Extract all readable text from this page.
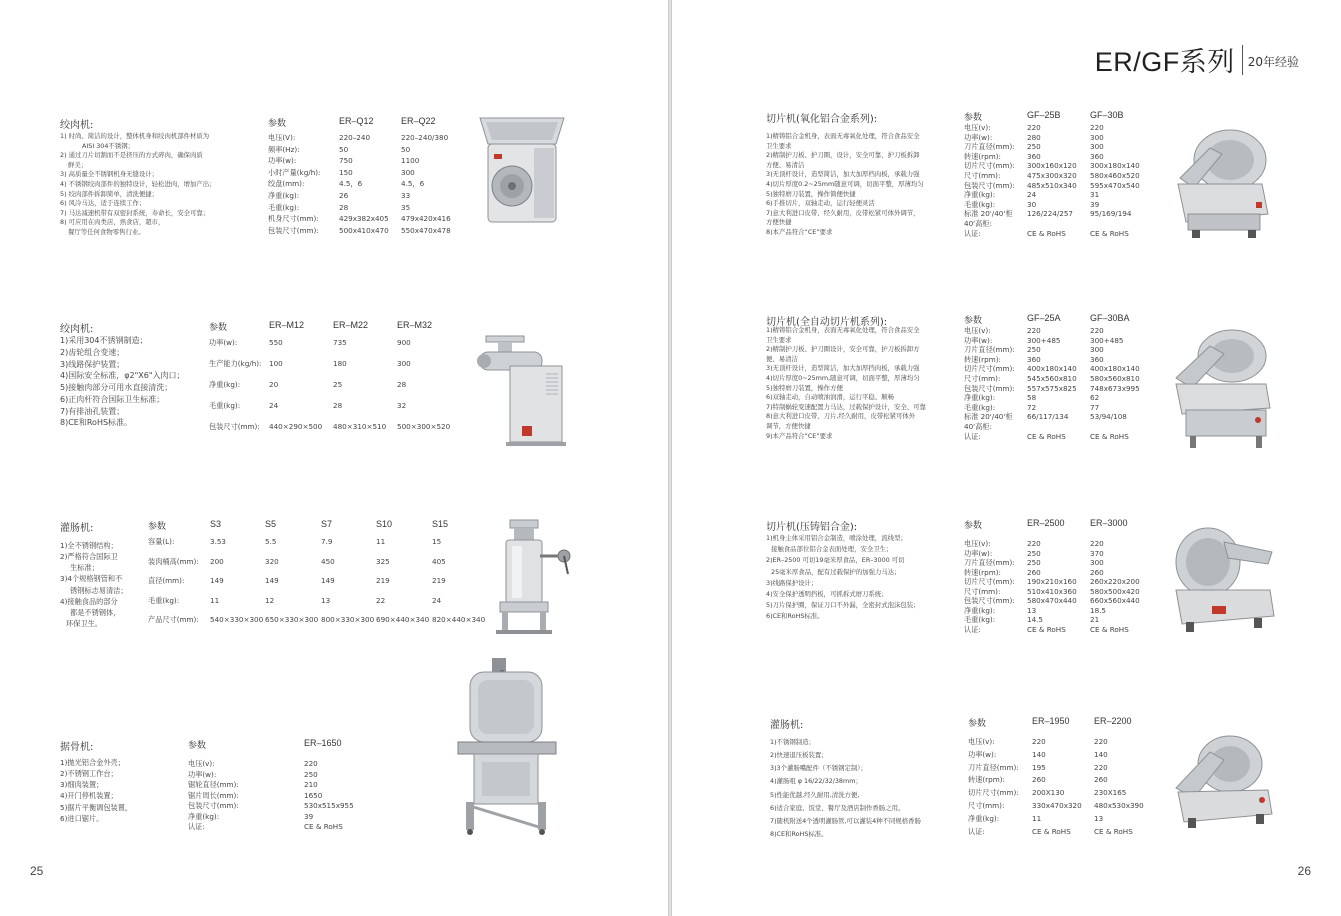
绞肉机:
1) 时尚、简洁的设计，整体机身和绞肉机部件材质为
AISI 304不锈钢；
2) 通过刀片切割而不是挤压的方式碎肉，确保肉质
鲜美；
3) 高质量全不锈钢机身无缝设计；
4) 不锈钢绞肉部件的独特设计，轻松进肉，增加产出；
5) 绞肉部件拆卸简单，清洗便捷；
6) 风冷马达，适于连续工作；
7) 马达减速机带有双密封系统，寿命长，安全可靠；
8) 可应用在肉类店，熟食店，超市，
餐厅等任何食物零售行业。
参数	ER–Q12	ER–Q22
电压(V):	220–240	220–240/380
频率(Hz):	50	50
功率(w):	750	1100
小时产量(kg/h):	150	300
绞盘(mm):	4.5，6	4.5，6
净重(kg):	26	33
毛重(kg):	28	35
机身尺寸(mm):	429x382x405	479x420x416
包装尺寸(mm):	500x410x470	550x470x478
绞肉机:
1)采用304不锈钢制造；
2)齿轮组合变速；
3)线路保护装置；
4)国际安全标准，φ2"X6"入肉口；
5)接触肉部分可用水直接清洗；
6)正肉杆符合国际卫生标准；
7)有排油孔装置；
8)CE和RoHS标准。
参数	ER–M12	ER–M22	ER–M32
功率(w):	550	735	900
生产能力(kg/h):	100	180	300
净重(kg):	20	25	28
毛重(kg):	24	28	32
包装尺寸(mm):	440×290×500	480×310×510	500×300×520
灌肠机:
1)全不锈钢结构；
2)严格符合国际卫
生标准；
3)4个规格钢管和不
锈钢标志易清洁；
4)接触食品的部分
都是不锈钢体，
环保卫生。
参数	S3	S5	S7	S10	S15
容量(L):	3.53	5.5	7.9	11	15
装肉桶高(mm):	200	320	450	325	405
直径(mm):	149	149	149	219	219
毛重(kg):	11	12	13	22	24
产品尺寸(mm):	540×330×300 650×330×300 800×330×300 690×440×340 820×440×340
据骨机:
1)抛光铝合金外壳；
2)不锈钢工作台；
3)细肉装置；
4)开门停机装置；
5)据片平衡调包装置，
6)进口锯片。
参数	ER–1650
电压(v):	220
功率(w):	250
锯轮直径(mm):	210
锯片周长(mm):	1650
包装尺寸(mm):	530x515x955
净重(kg):	39
认证:	CE & RoHS
25
ER/GF系列 20年经验
切片机(氧化铝合金系列):
1)精铸铝合金机身，表面无毒氧化处理，符合食品安全
卫生要求
2)精制护刀板、护刀圈，设计，安全可靠，护刀板拆卸
方便、易清洁
3)无顶杆设计，造型简洁，加大加厚档肉板，承载力强
4)切片厚度0.2~25mm随意可调，切面平整，厚薄均匀
5)独特磨刀装置，操作简便快捷
6)手推切片，双轴走动，运行轻便灵活
7)意大利进口皮带、经久耐用，皮带松紧可体外调节，
方便快捷
8)本产品符合“CE”要求
参数	GF–25B	GF–30B
电压(v):	220	220
功率(w):	280	300
刀片直径(mm):	250	300
转速(rpm):	360	360
切片尺寸(mm):	300x160x120	300x180x140
尺寸(mm):	475x300x320	580x460x520
包装尺寸(mm):	485x510x340	595x470x540
净重(kg):	24	31
毛重(kg):	30	39
标准 20'/40'柜	126/224/257	95/169/194
40'高柜:
认证:	CE & RoHS	CE & RoHS
切片机(全自动切片机系列):
1)精铸铝合金机身，表面无毒氧化处理，符合食品安全
卫生要求
2)精制护刀板、护刀圈设计，安全可靠，护刀板拆卸方
便、易清洁
3)无顶杆设计，造型简洁，加大加厚挡肉板，承载力强
4)切片厚度0~25mm,随意可调，切面平整，厚薄均匀
5)独特磨刀装置，操作方便
6)双轴走动，自动喷油润滑，运行平稳、顺畅
7)特制蜗轮变速配置力马达，过载保护设计，安全、可靠
8)意大利进口皮带、刀片,经久耐用，皮带松紧可体外
调节，方便快捷
9)本产品符合“CE”要求
参数	GF–25A	GF–30BA
电压(v):	220	220
功率(w):	300+485	300+485
刀片直径(mm):	250	300
转速(rpm):	360	360
切片尺寸(mm):	400x180x140	400x180x140
尺寸(mm):	545x560x810	580x560x810
包装尺寸(mm):	557x575x825	748x673x995
净重(kg):	58	62
毛重(kg):	72	77
标准 20'/40'柜	66/117/134	53/94/108
40'高柜:
认证:	CE & RoHS	CE & RoHS
切片机(压铸铝合金):
1)机身主体采用铝合金制造，喷涂处理，流线型；
接触食品部位铝合金表面处理，安全卫生；
2)ER–2500 可切19毫米厚食品，ER–3000 可切
25毫米厚食品，配有过载保护的加强力马达；
3)线路保护设计；
4)安全保护透明挡板，可抓拆式磨刀系统；
5)刀片保护圈，保证刀口不外漏，全密封式泡沫包装；
6)CE和RoHS标准。
参数	ER–2500	ER–3000
电压(v):	220	220
功率(w):	250	370
刀片直径(mm):	250	300
转速(rpm):	260	260
切片尺寸(mm):	190x210x160	260x220x200
尺寸(mm):	510x410x360	580x500x420
包装尺寸(mm):	580x470x440	660x560x440
净重(kg):	13	18.5
毛重(kg):	14.5	21
认证:	CE & RoHS	CE & RoHS
灌肠机:
1)不锈钢制造；
2)快速退压板装置；
3)3个灌肠嘴配件（不锈钢定制）；
4)灌肠咀 φ 16/22/32/38mm；
5)性能优越,经久耐用,清洗方便,
6)适合家庭、饭堂、餐厅及酒店制作香肠之用。
7)随机附送4个透明灌肠管,可以灌装4种不同规格香肠
8)CE和RoHS标准。
参数	ER–1950	ER–2200
电压(v):	220	220
功率(w):	140	140
刀片直径(mm):	195	220
转速(rpm):	260	260
切片尺寸(mm):	200X130	230X165
尺寸(mm):	330x470x320	480x530x390
净重(kg):	11	13
认证:	CE & RoHS	CE & RoHS
26
